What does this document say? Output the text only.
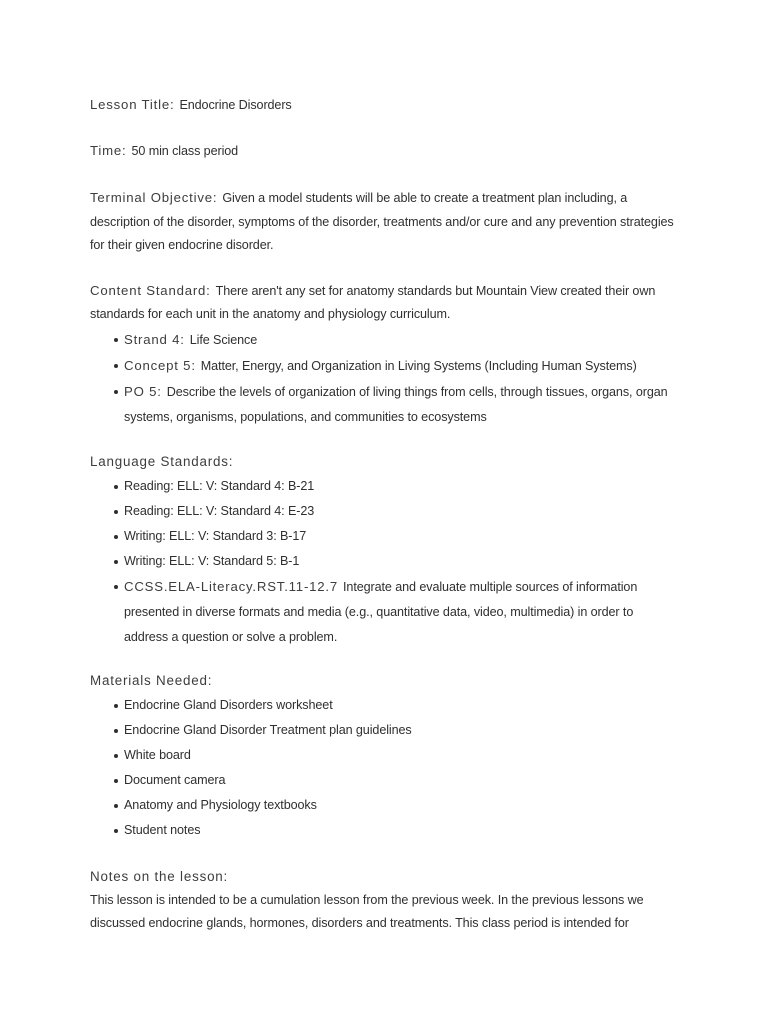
Lesson Title: Endocrine Disorders

Time: 50 min class period

Terminal Objective: Given a model students will be able to create a treatment plan including, a description of the disorder, symptoms of the disorder, treatments and/or cure and any prevention strategies for their given endocrine disorder.

Content Standard: There aren't any set for anatomy standards but Mountain View created their own standards for each unit in the anatomy and physiology curriculum.

Strand 4: Life Science
Concept 5: Matter, Energy, and Organization in Living Systems (Including Human Systems)
PO 5: Describe the levels of organization of living things from cells, through tissues, organs, organ systems, organisms, populations, and communities to ecosystems

Language Standards:

Reading: ELL: V: Standard 4: B-21
Reading: ELL: V: Standard 4: E-23
Writing: ELL: V: Standard 3: B-17
Writing: ELL: V: Standard 5: B-1
CCSS.ELA-Literacy.RST.11-12.7 Integrate and evaluate multiple sources of information presented in diverse formats and media (e.g., quantitative data, video, multimedia) in order to address a question or solve a problem.

Materials Needed:

Endocrine Gland Disorders worksheet
Endocrine Gland Disorder Treatment plan guidelines
White board
Document camera
Anatomy and Physiology textbooks
Student notes

Notes on the lesson:

This lesson is intended to be a cumulation lesson from the previous week. In the previous lessons we discussed endocrine glands, hormones, disorders and treatments. This class period is intended for
